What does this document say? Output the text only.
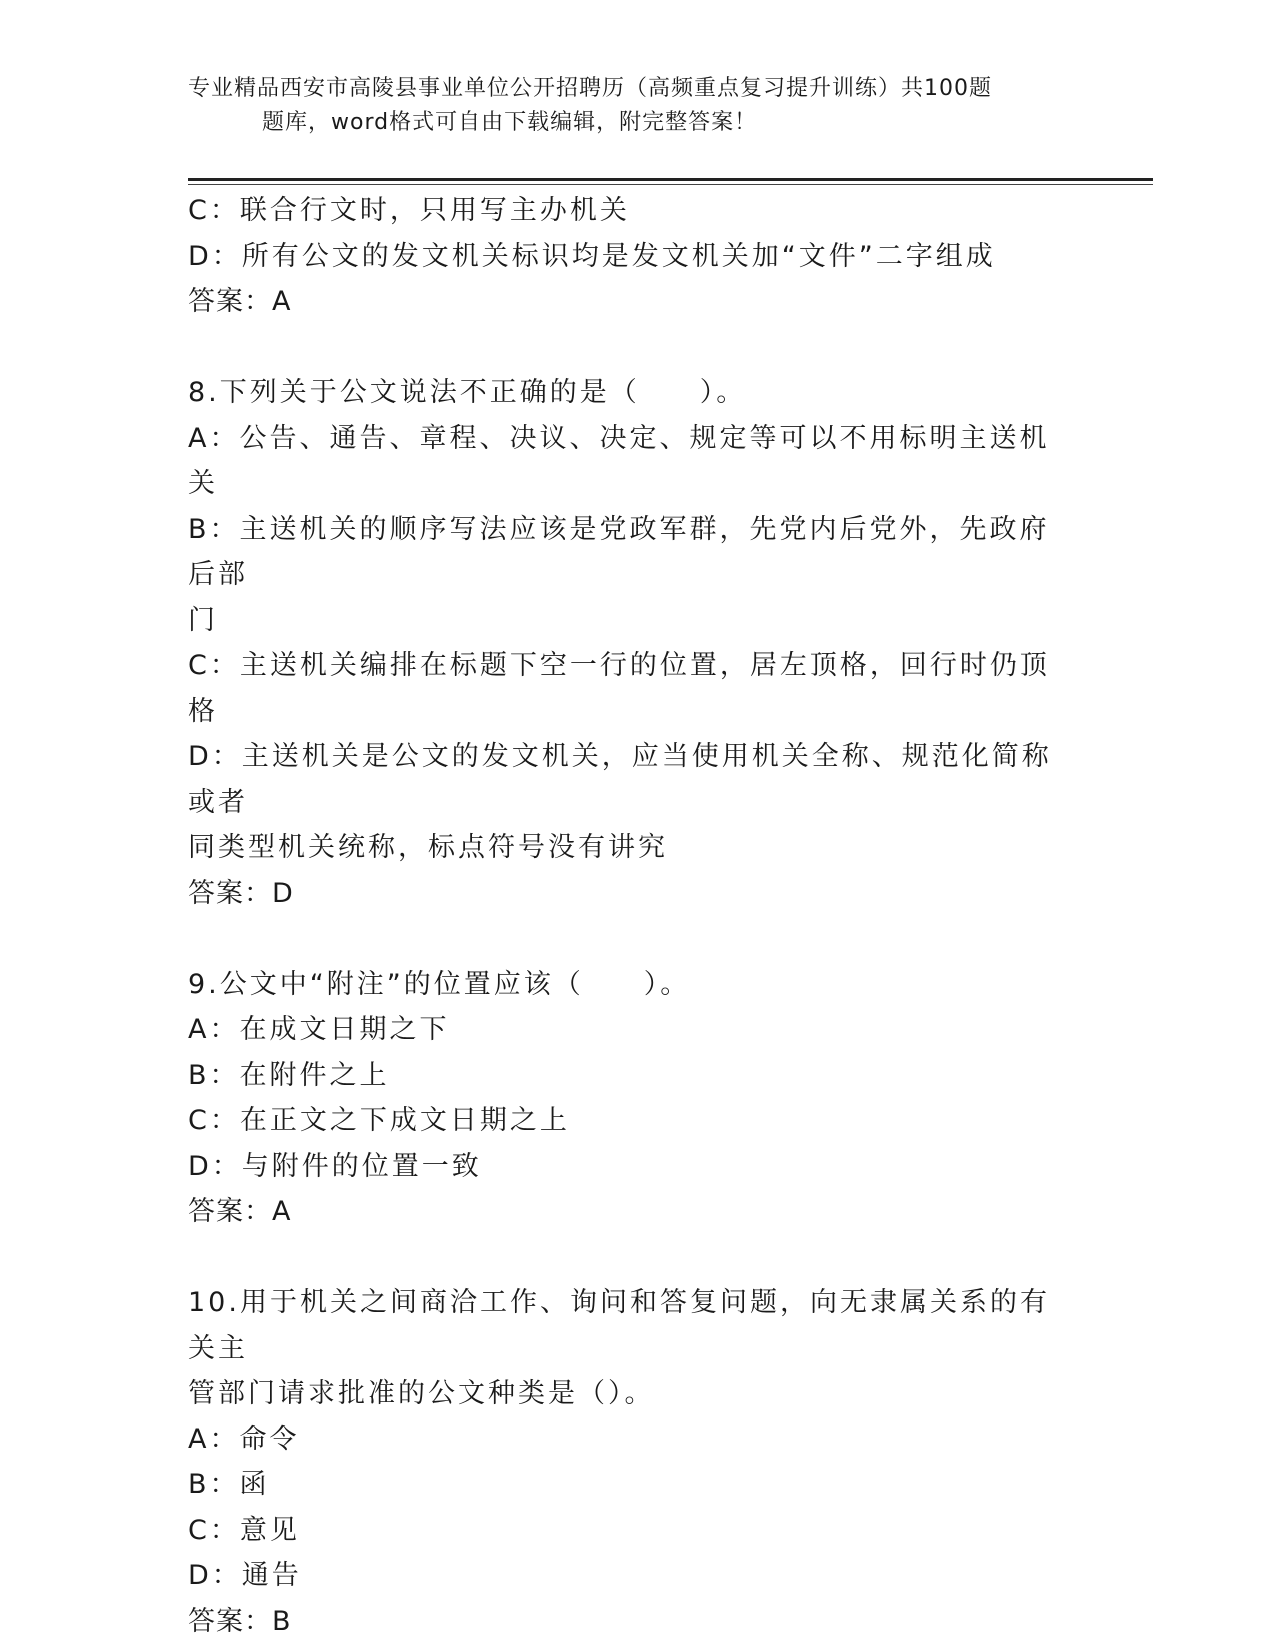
专业精品西安市高陵县事业单位公开招聘历（高频重点复习提升训练）共100题
题库，word格式可自由下载编辑，附完整答案！

C：联合行文时，只用写主办机关

D：所有公文的发文机关标识均是发文机关加“文件”二字组成

答案：A

8.下列关于公文说法不正确的是（　　）。

A：公告、通告、章程、决议、决定、规定等可以不用标明主送机关

B：主送机关的顺序写法应该是党政军群，先党内后党外，先政府后部

门

C：主送机关编排在标题下空一行的位置，居左顶格，回行时仍顶格

D：主送机关是公文的发文机关，应当使用机关全称、规范化简称或者

同类型机关统称，标点符号没有讲究

答案：D

9.公文中“附注”的位置应该（　　）。

A：在成文日期之下

B：在附件之上

C：在正文之下成文日期之上

D：与附件的位置一致

答案：A

10.用于机关之间商洽工作、询问和答复问题，向无隶属关系的有关主

管部门请求批准的公文种类是（）。

A：命令

B：函

C：意见

D：通告

答案：B
